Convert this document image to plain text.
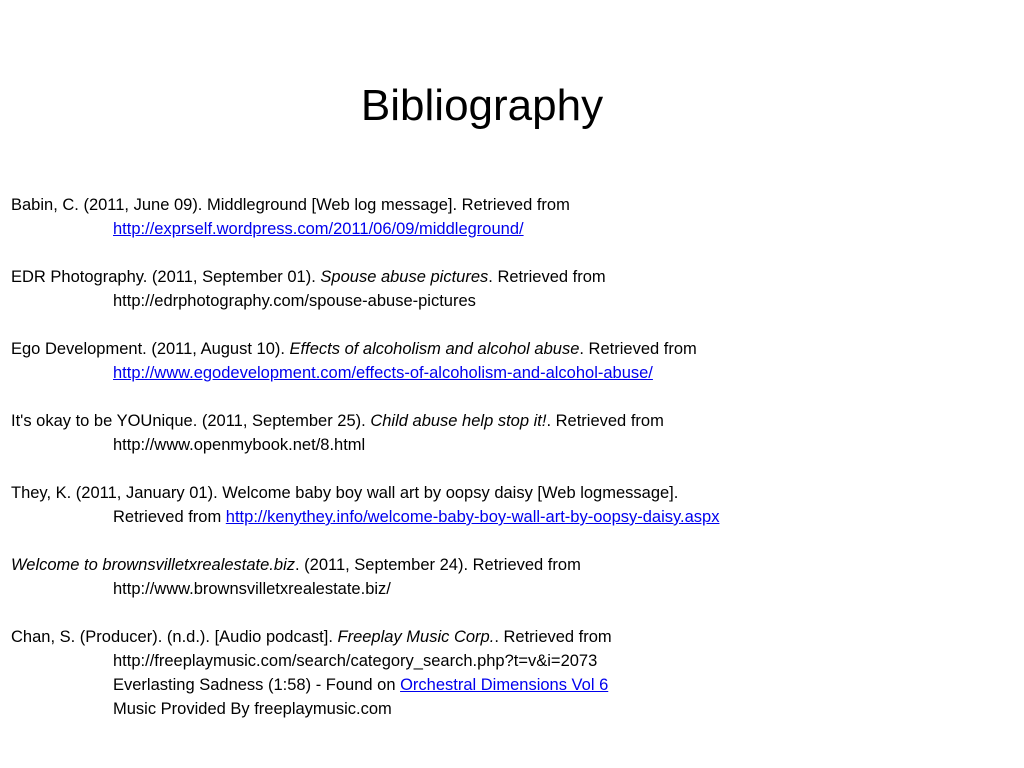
Bibliography
Babin, C. (2011, June 09). Middleground [Web log message]. Retrieved from
http://exprself.wordpress.com/2011/06/09/middleground/
EDR Photography. (2011, September 01). Spouse abuse pictures. Retrieved from
http://edrphotography.com/spouse-abuse-pictures
Ego Development. (2011, August 10). Effects of alcoholism and alcohol abuse. Retrieved from
http://www.egodevelopment.com/effects-of-alcoholism-and-alcohol-abuse/
It's okay to be YOUnique. (2011, September 25). Child abuse help stop it!. Retrieved from
http://www.openmybook.net/8.html
They, K. (2011, January 01). Welcome baby boy wall art by oopsy daisy [Web logmessage].
Retrieved from http://kenythey.info/welcome-baby-boy-wall-art-by-oopsy-daisy.aspx
Welcome to brownsvilletxrealestate.biz. (2011, September 24). Retrieved from
http://www.brownsvilletxrealestate.biz/
Chan, S. (Producer). (n.d.). [Audio podcast]. Freeplay Music Corp.. Retrieved from
http://freeplaymusic.com/search/category_search.php?t=v&i=2073
Everlasting Sadness (1:58) - Found on Orchestral Dimensions Vol 6
Music Provided By freeplaymusic.com
